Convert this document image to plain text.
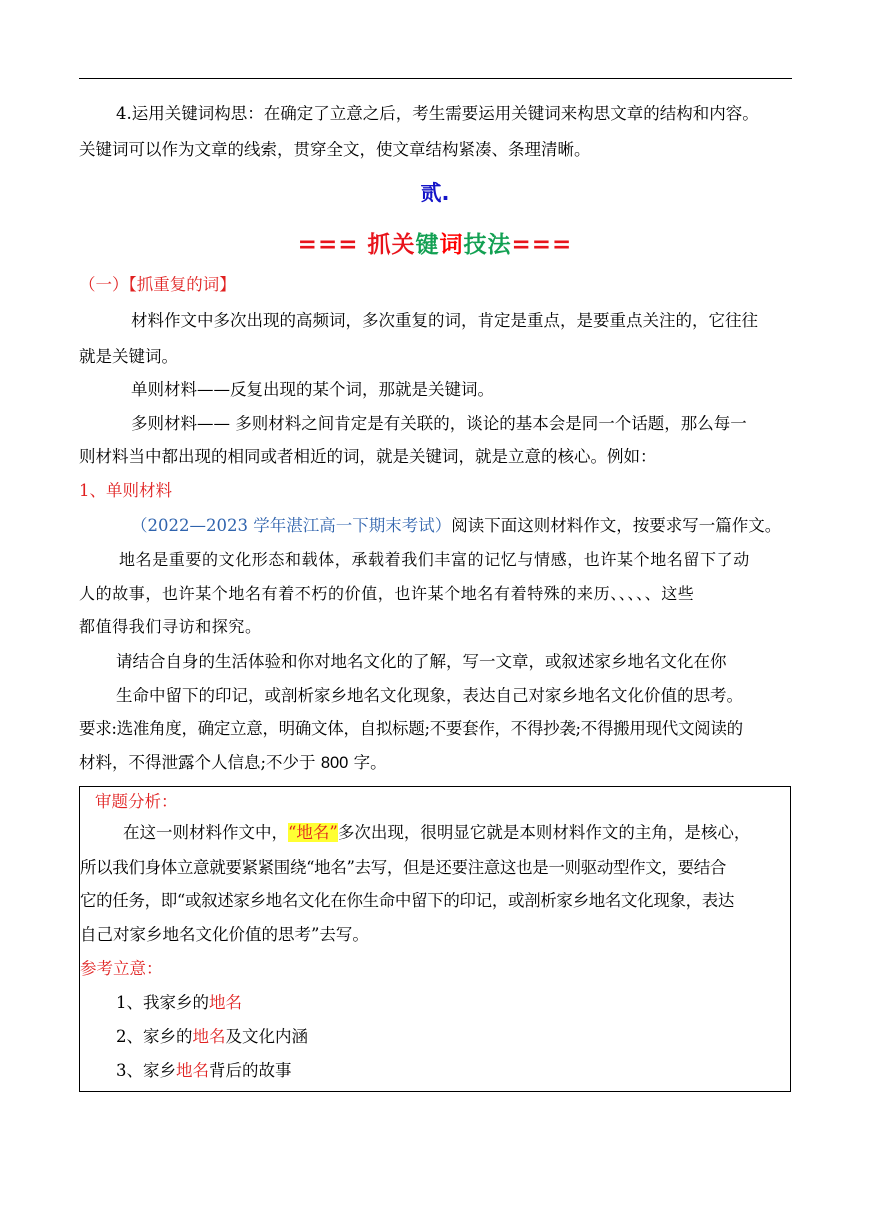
4.运用关键词构思：在确定了立意之后，考生需要运用关键词来构思文章的结构和内容。
关键词可以作为文章的线索，贯穿全文，使文章结构紧凑、条理清晰。
贰.
=== 抓关键词技法===
（一）【抓重复的词】
材料作文中多次出现的高频词，多次重复的词，肯定是重点，是要重点关注的，它往往
就是关键词。
单则材料——反复出现的某个词，那就是关键词。
多则材料—— 多则材料之间肯定是有关联的，谈论的基本会是同一个话题，那么每一
则材料当中都出现的相同或者相近的词，就是关键词，就是立意的核心。例如：
1、单则材料
（2022—2023 学年湛江高一下期末考试）阅读下面这则材料作文，按要求写一篇作文。
地名是重要的文化形态和载体，承载着我们丰富的记忆与情感，也许某个地名留下了动
人的故事，也许某个地名有着不朽的价值，也许某个地名有着特殊的来历、、、、、这些
都值得我们寻访和探究。
请结合自身的生活体验和你对地名文化的了解，写一文章，或叙述家乡地名文化在你
生命中留下的印记，或剖析家乡地名文化现象，表达自己对家乡地名文化价值的思考。
要求:选准角度，确定立意，明确文体，自拟标题;不要套作，不得抄袭;不得搬用现代文阅读的
材料，不得泄露个人信息;不少于 800 字。
审题分析：
在这一则材料作文中，“地名”多次出现，很明显它就是本则材料作文的主角，是核心，
所以我们身体立意就要紧紧围绕“地名”去写，但是还要注意这也是一则驱动型作文，要结合
它的任务，即“或叙述家乡地名文化在你生命中留下的印记，或剖析家乡地名文化现象，表达
自己对家乡地名文化价值的思考”去写。
参考立意：
1、我家乡的地名
2、家乡的地名及文化内涵
3、家乡地名背后的故事
